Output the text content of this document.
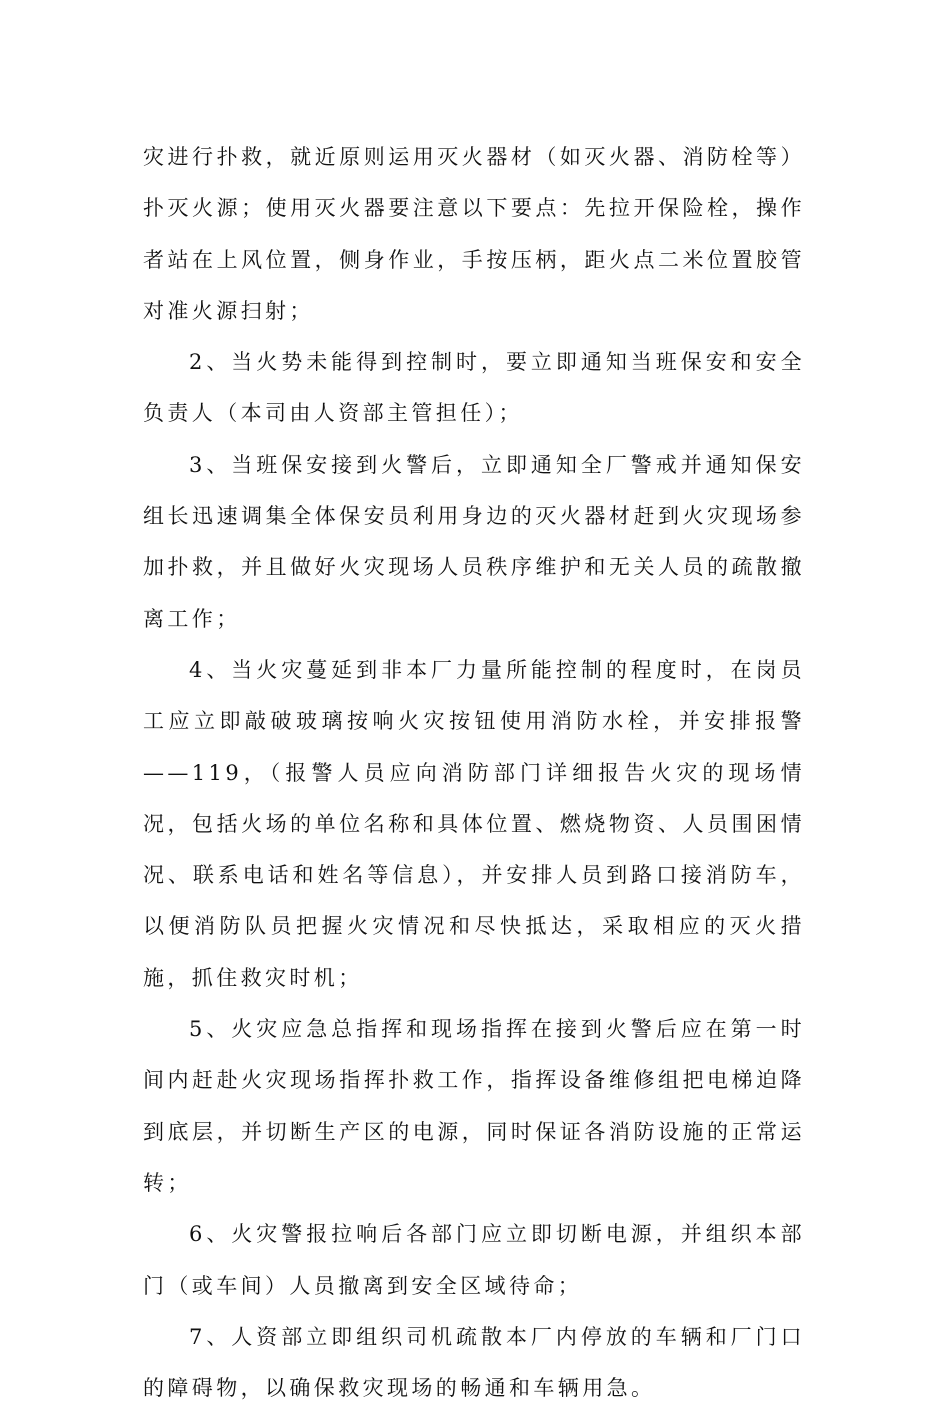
灾进行扑救，就近原则运用灭火器材（如灭火器、消防栓等）扑灭火源；使用灭火器要注意以下要点：先拉开保险栓，操作者站在上风位置，侧身作业，手按压柄，距火点二米位置胶管对准火源扫射；

2、当火势未能得到控制时，要立即通知当班保安和安全负责人（本司由人资部主管担任）；

3、当班保安接到火警后，立即通知全厂警戒并通知保安组长迅速调集全体保安员利用身边的灭火器材赶到火灾现场参加扑救，并且做好火灾现场人员秩序维护和无关人员的疏散撤离工作；

4、当火灾蔓延到非本厂力量所能控制的程度时，在岗员工应立即敲破玻璃按响火灾按钮使用消防水栓，并安排报警——119，（报警人员应向消防部门详细报告火灾的现场情况，包括火场的单位名称和具体位置、燃烧物资、人员围困情况、联系电话和姓名等信息），并安排人员到路口接消防车，以便消防队员把握火灾情况和尽快抵达，采取相应的灭火措施，抓住救灾时机；

5、火灾应急总指挥和现场指挥在接到火警后应在第一时间内赶赴火灾现场指挥扑救工作，指挥设备维修组把电梯迫降到底层，并切断生产区的电源，同时保证各消防设施的正常运转；

6、火灾警报拉响后各部门应立即切断电源，并组织本部门（或车间）人员撤离到安全区域待命；

7、人资部立即组织司机疏散本厂内停放的车辆和厂门口的障碍物，以确保救灾现场的畅通和车辆用急。
